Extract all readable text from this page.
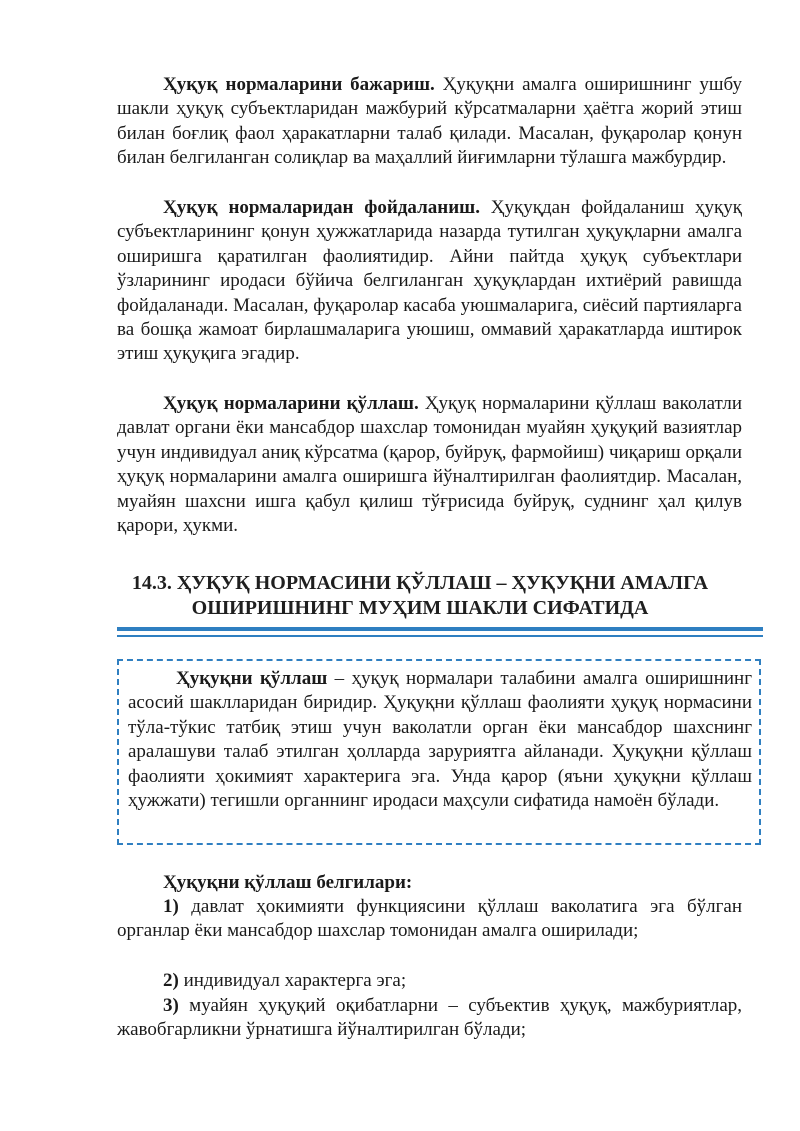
Ҳуқуқ нормаларини бажариш. Ҳуқуқни амалга оширишнинг ушбу шакли ҳуқуқ субъектларидан мажбурий кўрсатмаларни ҳаётга жорий этиш билан боғлиқ фаол ҳаракатларни талаб қилади. Масалан, фуқаролар қонун билан белгиланган солиқлар ва маҳаллий йиғимларни тўлашга мажбурдир.

Ҳуқуқ нормаларидан фойдаланиш. Ҳуқуқдан фойдаланиш ҳуқуқ субъектларининг қонун ҳужжатларида назарда тутилган ҳуқуқларни амалга оширишга қаратилган фаолиятидир. Айни пайтда ҳуқуқ субъектлари ўзларининг иродаси бўйича белгиланган ҳуқуқлардан ихтиёрий равишда фойдаланади. Масалан, фуқаролар касаба уюшмаларига, сиёсий партияларга ва бошқа жамоат бирлашмаларига уюшиш, оммавий ҳаракатларда иштирок этиш ҳуқуқига эгадир.

Ҳуқуқ нормаларини қўллаш. Ҳуқуқ нормаларини қўллаш ваколатли давлат органи ёки мансабдор шахслар томонидан муайян ҳуқуқий вазиятлар учун индивидуал аниқ кўрсатма (қарор, буйруқ, фармойиш) чиқариш орқали ҳуқуқ нормаларини амалга оширишга йўналтирилган фаолиятдир. Масалан, муайян шахсни ишга қабул қилиш тўғрисида буйруқ, суднинг ҳал қилув қарори, ҳукми.

14.3. ҲУҚУҚ НОРМАСИНИ ҚЎЛЛАШ – ҲУҚУҚНИ АМАЛГА
ОШИРИШНИНГ МУҲИМ ШАКЛИ СИФАТИДА

Ҳуқуқни қўллаш – ҳуқуқ нормалари талабини амалга оширишнинг асосий шаклларидан биридир. Ҳуқуқни қўллаш фаолияти ҳуқуқ нормасини тўла-тўкис татбиқ этиш учун ваколатли орган ёки мансабдор шахснинг аралашуви талаб этилган ҳолларда заруриятга айланади. Ҳуқуқни қўллаш фаолияти ҳокимият характерига эга. Унда қарор (яъни ҳуқуқни қўллаш ҳужжати) тегишли органнинг иродаси маҳсули сифатида намоён бўлади.

Ҳуқуқни қўллаш белгилари:

1) давлат ҳокимияти функциясини қўллаш ваколатига эга бўлган органлар ёки мансабдор шахслар томонидан амалга оширилади;

2) индивидуал характерга эга;

3) муайян ҳуқуқий оқибатларни – субъектив ҳуқуқ, мажбуриятлар, жавобгарликни ўрнатишга йўналтирилган бўлади;
